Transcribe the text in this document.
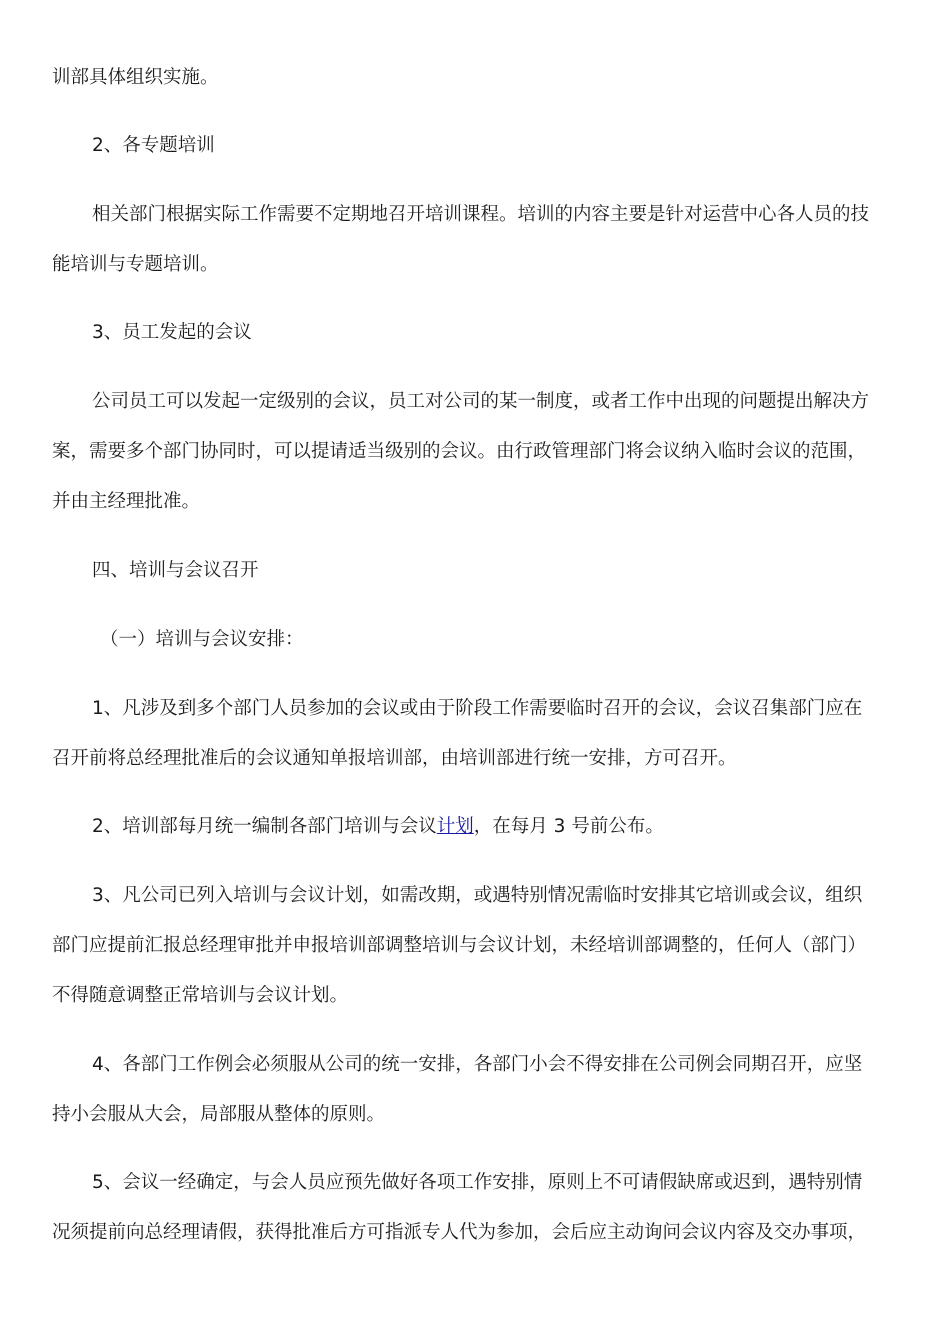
训部具体组织实施。
2、各专题培训
相关部门根据实际工作需要不定期地召开培训课程。培训的内容主要是针对运营中心各人员的技
能培训与专题培训。
3、员工发起的会议
公司员工可以发起一定级别的会议，员工对公司的某一制度，或者工作中出现的问题提出解决方
案，需要多个部门协同时，可以提请适当级别的会议。由行政管理部门将会议纳入临时会议的范围，
并由主经理批准。
四、培训与会议召开
（一）培训与会议安排：
1、凡涉及到多个部门人员参加的会议或由于阶段工作需要临时召开的会议，会议召集部门应在
召开前将总经理批准后的会议通知单报培训部，由培训部进行统一安排，方可召开。
2、培训部每月统一编制各部门培训与会议计划，在每月 3 号前公布。
3、凡公司已列入培训与会议计划，如需改期，或遇特别情况需临时安排其它培训或会议，组织
部门应提前汇报总经理审批并申报培训部调整培训与会议计划，未经培训部调整的，任何人（部门）
不得随意调整正常培训与会议计划。
4、各部门工作例会必须服从公司的统一安排，各部门小会不得安排在公司例会同期召开，应坚
持小会服从大会，局部服从整体的原则。
5、会议一经确定，与会人员应预先做好各项工作安排，原则上不可请假缺席或迟到，遇特别情
况须提前向总经理请假，获得批准后方可指派专人代为参加，会后应主动询问会议内容及交办事项，
